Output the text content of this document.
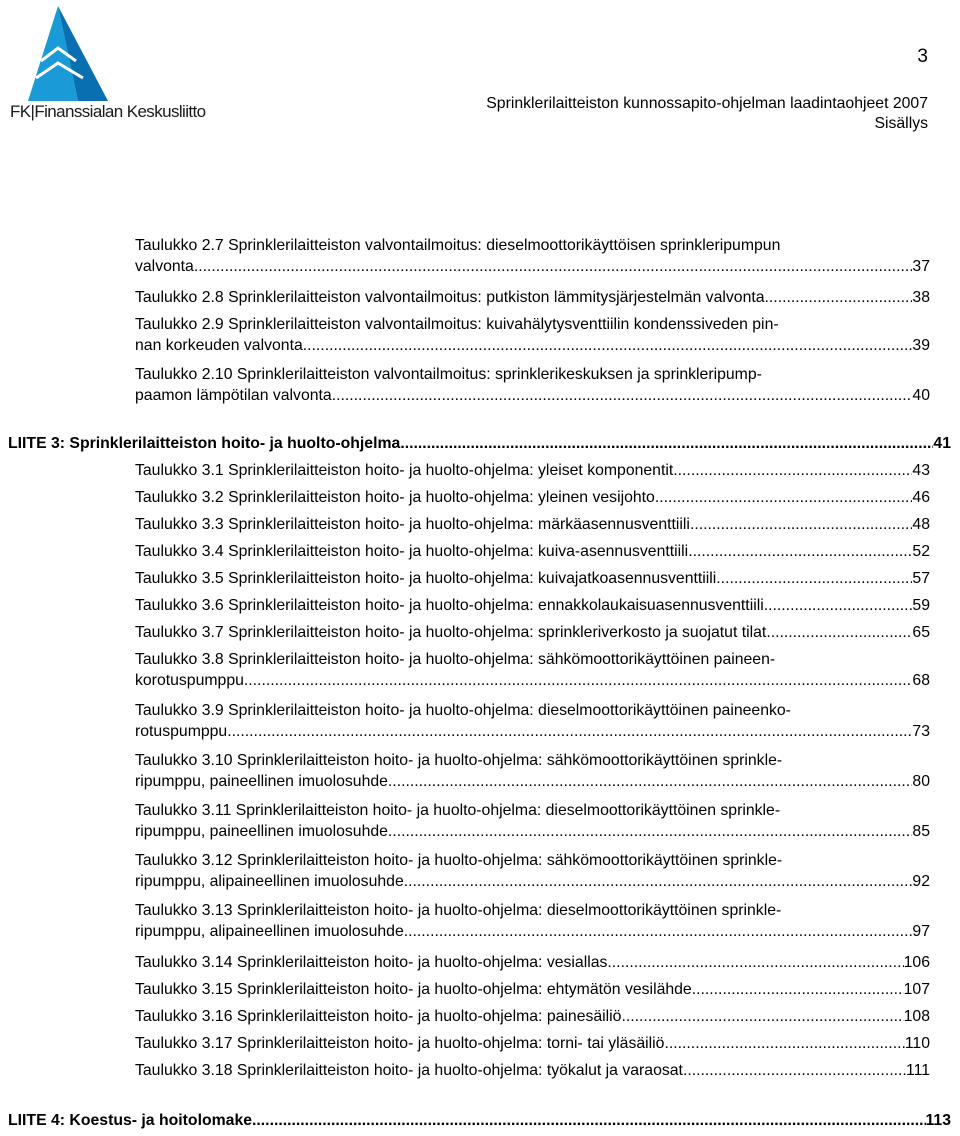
FK|Finanssialan Keskusliitto
3
Sprinklerilaitteiston kunnossapito-ohjelman laadintaohjeet 2007
Sisällys
Taulukko 2.7 Sprinklerilaitteiston valvontailmoitus: dieselmoottorikäyttöisen sprinkleripumpun
valvonta .....	37
Taulukko 2.8 Sprinklerilaitteiston valvontailmoitus: putkiston lämmitysjärjestelmän valvonta .....	38
Taulukko 2.9 Sprinklerilaitteiston valvontailmoitus: kuivahälytysventtiilin kondenssiveden pin-
nan korkeuden valvonta .....	39
Taulukko 2.10 Sprinklerilaitteiston valvontailmoitus: sprinklerikeskuksen ja sprinkleripump-
paamon lämpötilan valvonta .....	40
LIITE 3: Sprinklerilaitteiston hoito- ja huolto-ohjelma .....	41
Taulukko 3.1 Sprinklerilaitteiston hoito- ja huolto-ohjelma: yleiset komponentit .....	43
Taulukko 3.2 Sprinklerilaitteiston hoito- ja huolto-ohjelma: yleinen vesijohto .....	46
Taulukko 3.3 Sprinklerilaitteiston hoito- ja huolto-ohjelma: märkäasennusventtiili .....	48
Taulukko 3.4 Sprinklerilaitteiston hoito- ja huolto-ohjelma: kuiva-asennusventtiili .....	52
Taulukko 3.5 Sprinklerilaitteiston hoito- ja huolto-ohjelma: kuivajatkoasennusventtiili .....	57
Taulukko 3.6 Sprinklerilaitteiston hoito- ja huolto-ohjelma: ennakkolaukaisuasennusventtiili .....	59
Taulukko 3.7 Sprinklerilaitteiston hoito- ja huolto-ohjelma: sprinkleriverkosto ja suojatut tilat .....	65
Taulukko 3.8 Sprinklerilaitteiston hoito- ja huolto-ohjelma: sähkömoottorikäyttöinen paineen-
korotuspumppu .....	68
Taulukko 3.9 Sprinklerilaitteiston hoito- ja huolto-ohjelma: dieselmoottorikäyttöinen paineenko-
rotuspumppu .....	73
Taulukko 3.10 Sprinklerilaitteiston hoito- ja huolto-ohjelma: sähkömoottorikäyttöinen sprinkle-
ripumppu, paineellinen imuolosuhde .....	80
Taulukko 3.11 Sprinklerilaitteiston hoito- ja huolto-ohjelma: dieselmoottorikäyttöinen sprinkle-
ripumppu, paineellinen imuolosuhde .....	85
Taulukko 3.12 Sprinklerilaitteiston hoito- ja huolto-ohjelma: sähkömoottorikäyttöinen sprinkle-
ripumppu, alipaineellinen imuolosuhde .....	92
Taulukko 3.13 Sprinklerilaitteiston hoito- ja huolto-ohjelma: dieselmoottorikäyttöinen sprinkle-
ripumppu, alipaineellinen imuolosuhde .....	97
Taulukko 3.14 Sprinklerilaitteiston hoito- ja huolto-ohjelma: vesiallas .....	106
Taulukko 3.15 Sprinklerilaitteiston hoito- ja huolto-ohjelma: ehtymätön vesilähde .....	107
Taulukko 3.16 Sprinklerilaitteiston hoito- ja huolto-ohjelma: painesäiliö .....	108
Taulukko 3.17 Sprinklerilaitteiston hoito- ja huolto-ohjelma: torni- tai yläsäiliö .....	110
Taulukko 3.18 Sprinklerilaitteiston hoito- ja huolto-ohjelma: työkalut ja varaosat .....	111
LIITE 4: Koestus- ja hoitolomake .....	113
